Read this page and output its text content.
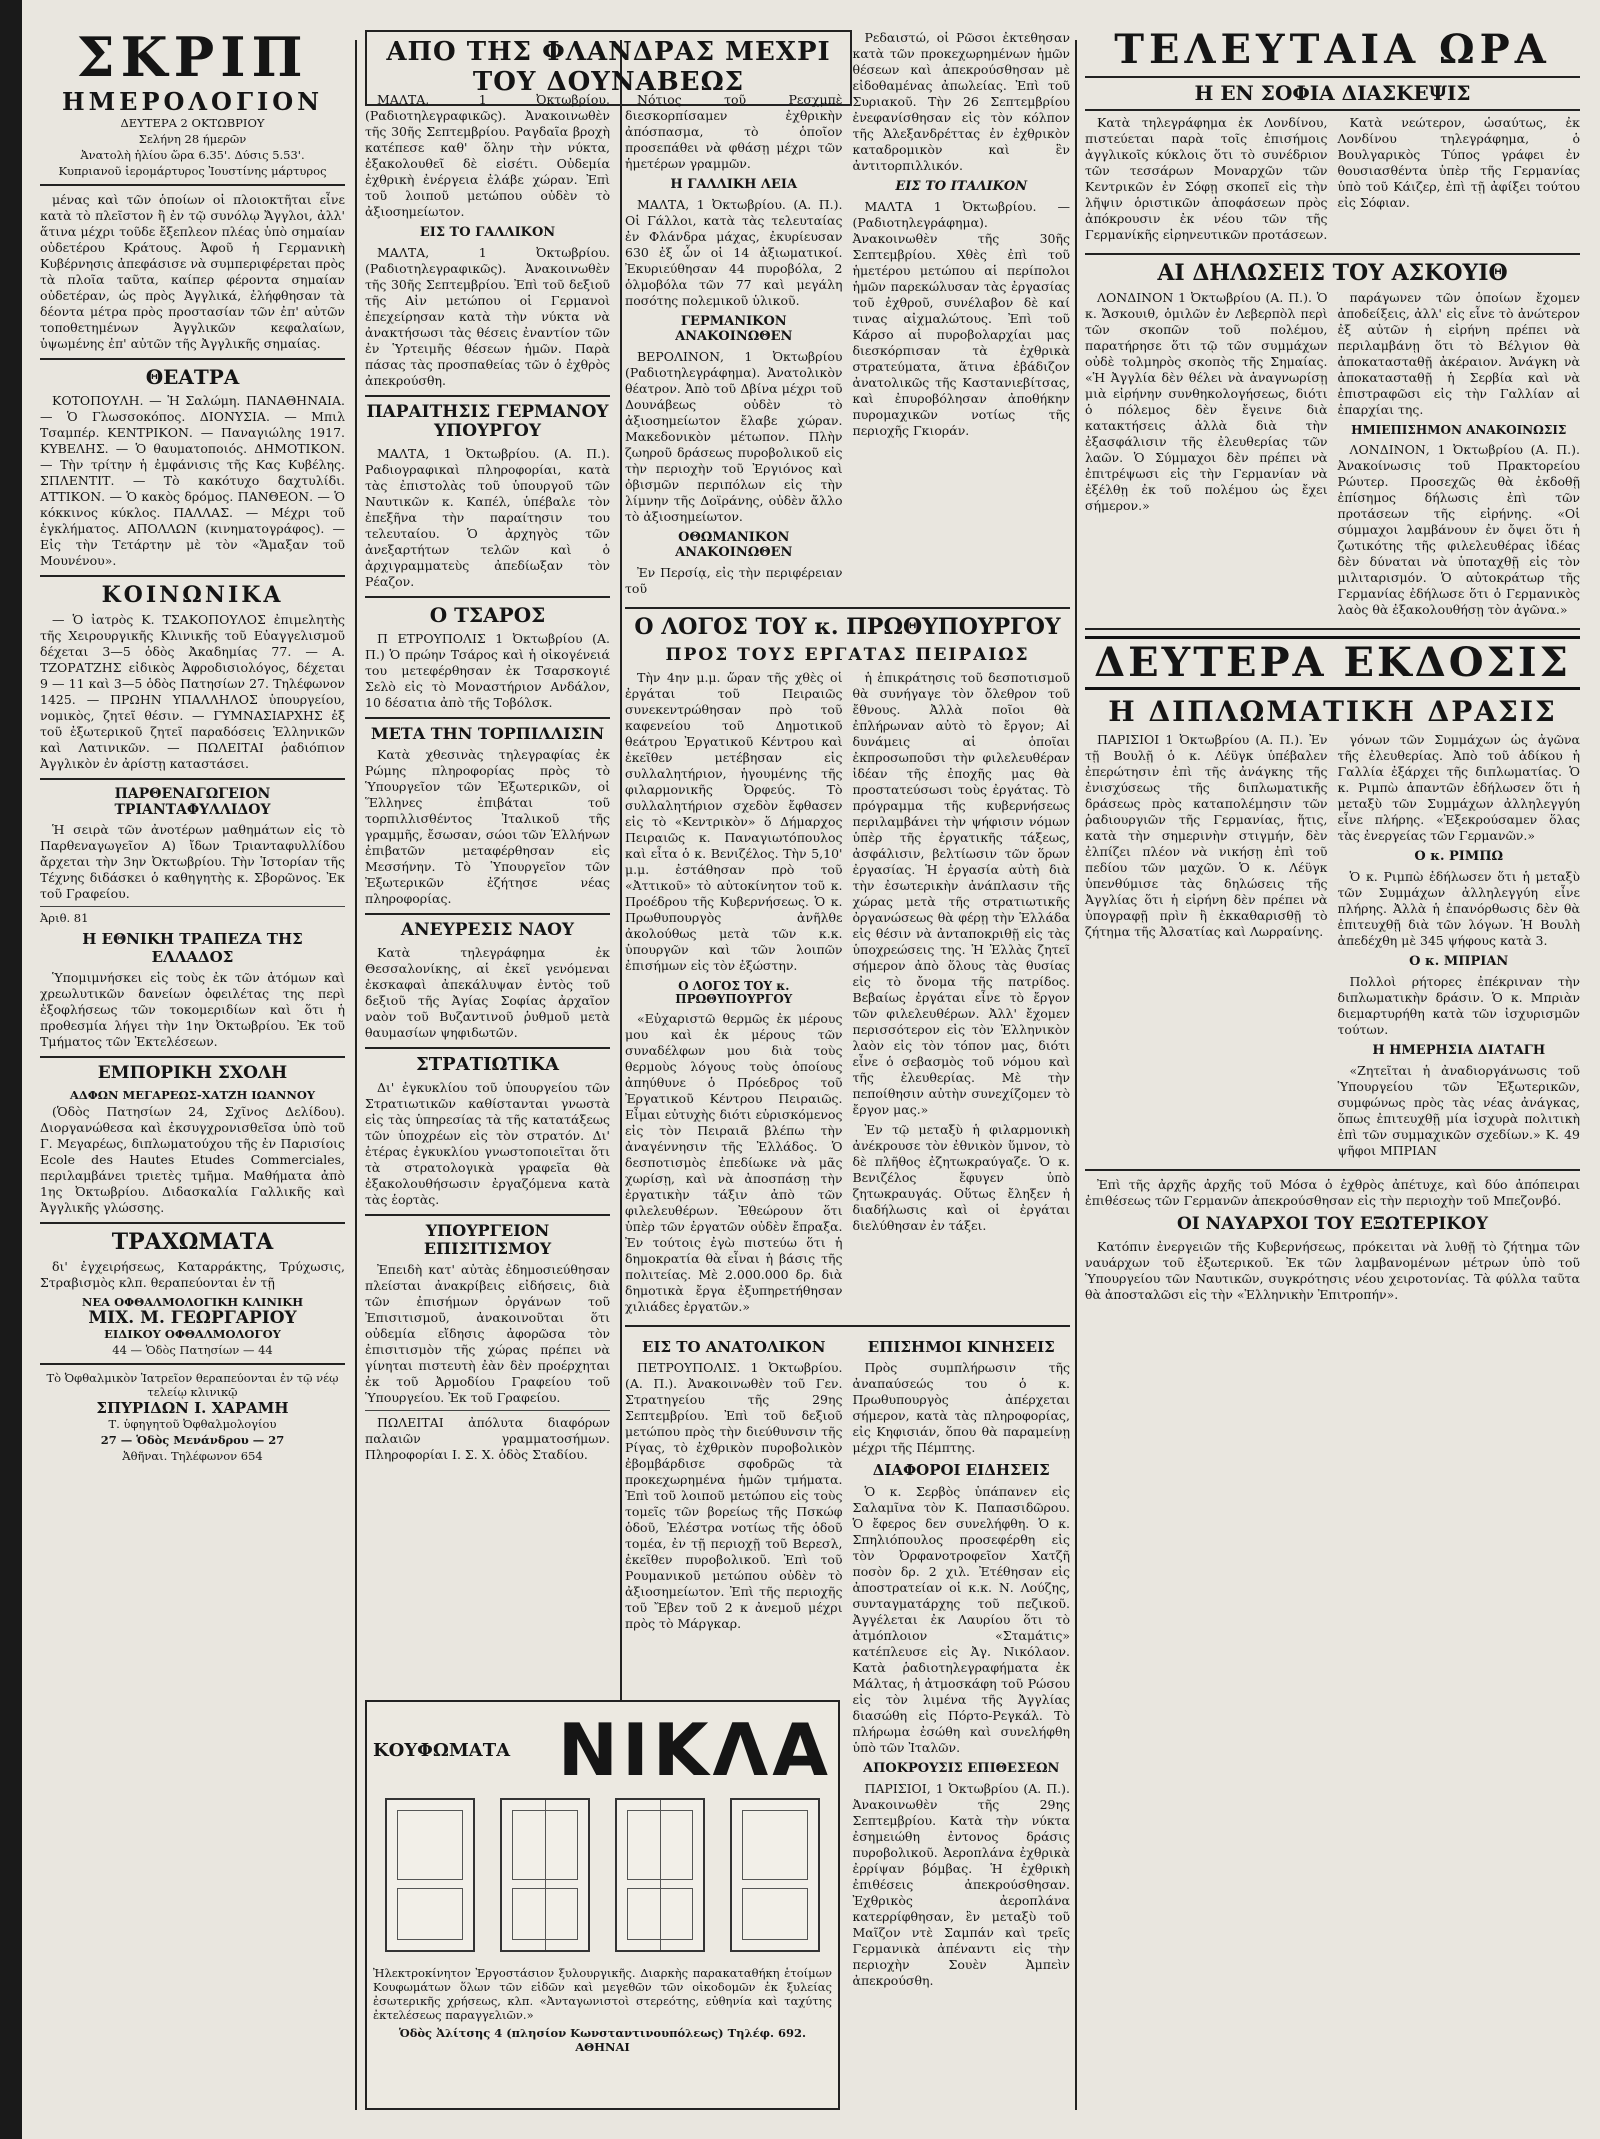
ΣΚΡΙΠ
ΗΜΕΡΟΛΟΓΙΟΝ
ΔΕΥΤΕΡΑ 2 ΟΚΤΩΒΡΙΟΥ
Σελήνη 28 ήμερῶν
Ἀνατολὴ ἡλίου ὥρα 6.35'. Δύσις 5.53'.
Κυπριανοῦ ἱερομάρτυρος Ἰουστίνης μάρτυρος

μένας καὶ τῶν ὁποίων οἱ πλοιοκτῆται εἶνε κατὰ τὸ πλεῖστον ἢ ἐν τῷ συνόλῳ Ἄγγλοι, ἀλλ' ἅτινα μέχρι τοῦδε ἔξεπλεον πλέας ὑπὸ σημαίαν οὐδετέρου Κράτους. Ἀφοῦ ἡ Γερμανικὴ Κυβέρνησις ἀπεφάσισε νὰ συμπεριφέρεται πρὸς τὰ πλοῖα ταῦτα, καίπερ φέροντα σημαίαν οὐδετέραν, ὡς πρὸς Ἀγγλικά, ἐλήφθησαν τὰ δέοντα μέτρα πρὸς προστασίαν τῶν ἐπ' αὐτῶν τοποθετημένων Ἀγγλικῶν κεφαλαίων, ὑψωμένης ἐπ' αὐτῶν τῆς Ἀγγλικῆς σημαίας.

ΘΕΑΤΡΑ

ΚΟΤΟΠΟΥΛΗ. — Ἡ Σαλώμη. ΠΑΝΑΘΗΝΑΙΑ. — Ὁ Γλωσσοκόπος. ΔΙΟΝΥΣΙΑ. — Μπιλ Τσαμπέρ. ΚΕΝΤΡΙΚΟΝ. — Παναγιώλης 1917. ΚΥΒΕΛΗΣ. — Ὁ θαυματοποιός. ΔΗΜΟΤΙΚΟΝ. — Τὴν τρίτην ἡ ἐμφάνισις τῆς Κας Κυβέλης. ΣΠΛΕΝΤΙΤ. — Τὸ κακότυχο δαχτυλίδι. ΑΤΤΙΚΟΝ. — Ὁ κακὸς δρόμος. ΠΑΝΘΕΟΝ. — Ὁ κόκκινος κύκλος. ΠΑΛΛΑΣ. — Μέχρι τοῦ ἐγκλήματος. ΑΠΟΛΛΩΝ (κινηματογράφος). — Εἰς τὴν Τετάρτην μὲ τὸν «Ἄμαξαν τοῦ Μουνένου».

ΚΟΙΝΩΝΙΚΑ

— Ὁ ἰατρὸς Κ. ΤΣΑΚΟΠΟΥΛΟΣ ἐπιμελητὴς τῆς Χειρουργικῆς Κλινικῆς τοῦ Εὐαγγελισμοῦ δέχεται 3—5 ὁδὸς Ἀκαδημίας 77. — Α. ΤΖΟΡΑΤΖΗΣ εἰδικὸς Ἀφροδισιολόγος, δέχεται 9 — 11 καὶ 3—5 ὁδὸς Πατησίων 27. Τηλέφωνον 1425. — ΠΡΩΗΝ ΥΠΑΛΛΗΛΟΣ ὑπουργείου, νομικὸς, ζητεῖ θέσιν. — ΓΥΜΝΑΣΙΑΡΧΗΣ ἐξ τοῦ ἐξωτερικοῦ ζητεῖ παραδόσεις Ἑλληνικῶν καὶ Λατινικῶν. — ΠΩΛΕΙΤΑΙ ῥαδιόπιον Ἀγγλικὸν ἐν ἀρίστῃ καταστάσει.

ΠΑΡΘΕΝΑΓΩΓΕΙΟΝ ΤΡΙΑΝΤΑΦΥΛΛΙΔΟΥ

Ἡ σειρὰ τῶν ἀνοτέρων μαθημάτων εἰς τὸ Παρθεναγωγεῖον Α) ἴδων Τριανταφυλλίδου ἄρχεται τὴν 3ην Ὀκτωβρίου. Τὴν Ἱστορίαν τῆς Τέχνης διδάσκει ὁ καθηγητὴς κ. Σβορῶνος. Ἐκ τοῦ Γραφείου.

Ἀριθ. 81
Η ΕΘΝΙΚΗ ΤΡΑΠΕΖΑ ΤΗΣ ΕΛΛΑΔΟΣ

Ὑπομιμνήσκει εἰς τοὺς ἐκ τῶν ἀτόμων καὶ χρεωλυτικῶν δανείων ὀφειλέτας της περὶ ἐξοφλήσεως τῶν τοκομεριδίων καὶ ὅτι ἡ προθεσμία λήγει τὴν 1ην Ὀκτωβρίου. Ἐκ τοῦ Τμήματος τῶν Ἐκτελέσεων.

ΕΜΠΟΡΙΚΗ ΣΧΟΛΗ
ΑΔΦΩΝ ΜΕΓΑΡΕΩΣ-ΧΑΤΖΗ ΙΩΑΝΝΟΥ

(Ὁδὸς Πατησίων 24, Σχῖνος Δελίδου). Διοργανώθεσα καὶ ἐκσυγχρονισθεῖσα ὑπὸ τοῦ Γ. Μεγαρέως, διπλωματούχου τῆς ἐν Παρισίοις Ecole des Hautes Etudes Commerciales, περιλαμβάνει τριετὲς τμῆμα. Μαθήματα ἀπὸ 1ης Ὀκτωβρίου. Διδασκαλία Γαλλικῆς καὶ Ἀγγλικῆς γλώσσης.

ΤΡΑΧΩΜΑΤΑ

δι' ἐγχειρήσεως, Καταρράκτης, Τρύχωσις, Στραβισμὸς κλπ. θεραπεύονται ἐν τῇ

ΝΕΑ ΟΦΘΑΛΜΟΛΟΓΙΚΗ ΚΛΙΝΙΚΗ
ΜΙΧ. Μ. ΓΕΩΡΓΑΡΙΟΥ
ΕΙΔΙΚΟΥ ΟΦΘΑΛΜΟΛΟΓΟΥ
44 — Ὁδὸς Πατησίων — 44
Τὸ Ὀφθαλμικὸν Ἰατρεῖον θεραπεύονται ἐν τῷ νέῳ τελείῳ κλινικῷ
ΣΠΥΡΙΔΩΝ Ι. ΧΑΡΑΜΗ
Τ. ὑφηγητοῦ Ὀφθαλμολογίου
27 — Ὁδὸς Μενάνδρου — 27
Ἀθῆναι. Τηλέφωνον 654
ΑΠΟ ΤΗΣ ΦΛΑΝΔΡΑΣ ΜΕΧΡΙ ΤΟΥ ΔΟΥΝΑΒΕΩΣ

ΜΑΛΤΑ, 1 Ὀκτωβρίου. (Ραδιοτηλεγραφικῶς). Ἀνακοινωθὲν τῆς 30ῆς Σεπτεμβρίου. Ραγδαῖα βροχὴ κατέπεσε καθ' ὅλην τὴν νύκτα, ἐξακολουθεῖ δὲ εἰσέτι. Οὐδεμία ἐχθρικὴ ἐνέργεια ἐλάβε χώραν. Ἐπὶ τοῦ λοιποῦ μετώπου οὐδὲν τὸ ἀξιοσημείωτον.

ΕΙΣ ΤΟ ΓΑΛΛΙΚΟΝ

ΜΑΛΤΑ, 1 Ὀκτωβρίου. (Ραδιοτηλεγραφικῶς). Ἀνακοινωθὲν τῆς 30ῆς Σεπτεμβρίου. Ἐπὶ τοῦ δεξιοῦ τῆς Αἰν μετώπου οἱ Γερμανοὶ ἐπεχείρησαν κατὰ τὴν νύκτα νὰ ἀνακτήσωσι τὰς θέσεις ἐναντίον τῶν ἐν Ὑρτειμῆς θέσεων ἡμῶν. Παρὰ πάσας τὰς προσπαθείας τῶν ὁ ἐχθρὸς ἀπεκρούσθη.

ΠΑΡΑΙΤΗΣΙΣ ΓΕΡΜΑΝΟΥ ΥΠΟΥΡΓΟΥ

ΜΑΛΤΑ, 1 Ὀκτωβρίου. (Α. Π.). Ραδιογραφικαὶ πληροφορίαι, κατὰ τὰς ἐπιστολὰς τοῦ ὑπουργοῦ τῶν Ναυτικῶν κ. Καπέλ, ὑπέβαλε τὸν ἐπεξῆνα τὴν παραίτησιν του τελευταίου. Ὁ ἀρχηγὸς τῶν ἀνεξαρτήτων τελῶν καὶ ὁ ἀρχιγραμματεὺς ἀπεδίωξαν τὸν Ρέαζον.

Ο ΤΣΑΡΟΣ

Π ΕΤΡΟΥΠΟΛΙΣ 1 Ὀκτωβρίου (Α. Π.) Ὁ πρώην Τσάρος καὶ ἡ οἰκογένειά του μετεφέρθησαν ἐκ Τσαρσκογιέ Σελὸ εἰς τὸ Μοναστήριον Ανδάλον, 10 δέσατια ἀπὸ τῆς Τοβόλσκ.

ΜΕΤΑ ΤΗΝ ΤΟΡΠΙΛΛΙΣΙΝ

Κατὰ χθεσινὰς τηλεγραφίας ἐκ Ρώμης πληροφορίας πρὸς τὸ Ὑπουργεῖον τῶν Ἐξωτερικῶν, οἱ Ἕλληνες ἐπιβάται τοῦ τορπιλλισθέντος Ἰταλικοῦ τῆς γραμμῆς, ἔσωσαν, σώοι τῶν Ἑλλήνων ἐπιβατῶν μεταφέρθησαν εἰς Μεσσήνην. Τὸ Ὑπουργεῖον τῶν Ἐξωτερικῶν ἐζήτησε νέας πληροφορίας.

ΑΝΕΥΡΕΣΙΣ ΝΑΟΥ

Κατὰ τηλεγράφημα ἐκ Θεσσαλονίκης, αἱ ἐκεῖ γενόμεναι ἐκσκαφαὶ ἀπεκάλυψαν ἐντὸς τοῦ δεξιοῦ τῆς Ἀγίας Σοφίας ἀρχαῖον ναὸν τοῦ Βυζαντινοῦ ῥυθμοῦ μετὰ θαυμασίων ψηφιδωτῶν.

ΣΤΡΑΤΙΩΤΙΚΑ

Δι' ἐγκυκλίου τοῦ ὑπουργείου τῶν Στρατιωτικῶν καθίστανται γνωστὰ εἰς τὰς ὑπηρεσίας τὰ τῆς κατατάξεως τῶν ὑποχρέων εἰς τὸν στρατόν. Δι' ἑτέρας ἐγκυκλίου γνωστοποιεῖται ὅτι τὰ στρατολογικὰ γραφεῖα θὰ ἐξακολουθήσωσιν ἐργαζόμενα κατὰ τὰς ἑορτὰς.

ΥΠΟΥΡΓΕΙΟΝ ΕΠΙΣΙΤΙΣΜΟΥ

Ἐπειδὴ κατ' αὐτὰς ἐδημοσιεύθησαν πλείσται ἀνακρίβεις εἰδήσεις, διὰ τῶν ἐπισήμων ὀργάνων τοῦ Ἐπισιτισμοῦ, ἀνακοινοῦται ὅτι οὐδεμία εἴδησις ἀφορῶσα τὸν ἐπισιτισμὸν τῆς χώρας πρέπει νὰ γίνηται πιστευτὴ ἐὰν δὲν προέρχηται ἐκ τοῦ Ἀρμοδίου Γραφείου τοῦ Ὑπουργείου. Ἐκ τοῦ Γραφείου.

ΠΩΛΕΙΤΑΙ ἀπόλυτα διαφόρων παλαιῶν γραμματοσήμων. Πληροφορίαι Ι. Σ. Χ. ὁδὸς Σταδίου.

Νότιος τοῦ Ρεσχμπὲ διεσκορπίσαμεν ἐχθρικὴν ἀπόσπασμα, τὸ ὁποῖον προσεπάθει νὰ φθάσῃ μέχρι τῶν ἡμετέρων γραμμῶν.

Η ΓΑΛΛΙΚΗ ΛΕΙΑ

ΜΑΛΤΑ, 1 Ὀκτωβρίου. (Α. Π.). Οἱ Γάλλοι, κατὰ τὰς τελευταίας ἐν Φλάνδρα μάχας, ἐκυρίευσαν 630 ἐξ ὧν οἱ 14 ἀξιωματικοί. Ἐκυριεύθησαν 44 πυροβόλα, 2 ὁλμοβόλα τῶν 77 καὶ μεγάλη ποσότης πολεμικοῦ ὑλικοῦ.

ΓΕΡΜΑΝΙΚΟΝ ΑΝΑΚΟΙΝΩΘΕΝ

ΒΕΡΟΛΙΝΟΝ, 1 Ὀκτωβρίου (Ραδιοτηλεγράφημα). Ἀνατολικὸν θέατρον. Ἀπὸ τοῦ Δβίνα μέχρι τοῦ Δουνάβεως οὐδὲν τὸ ἀξιοσημείωτον ἔλαβε χώραν. Μακεδονικὸν μέτωπον. Πλὴν ζωηροῦ δράσεως πυροβολικοῦ εἰς τὴν περιοχὴν τοῦ Ἐργιόνος καὶ ὀβισμῶν περιπόλων εἰς τὴν λίμνην τῆς Δοϊράνης, οὐδὲν ἄλλο τὸ ἀξιοσημείωτον.

ΟΘΩΜΑΝΙΚΟΝ ΑΝΑΚΟΙΝΩΘΕΝ

Ἐν Περσίᾳ, εἰς τὴν περιφέρειαν τοῦ

Ρεδαιστώ, οἱ Ρῶσοι ἐκτεθησαν κατὰ τῶν προκεχωρημένων ἡμῶν θέσεων καὶ ἀπεκρούσθησαν μὲ εἰδοθαμένας ἀπωλείας. Ἐπὶ τοῦ Συριακοῦ. Τὴν 26 Σεπτεμβρίου ἐνεφανίσθησαν εἰς τὸν κόλπον τῆς Ἀλεξανδρέττας ἐν ἐχθρικὸν καταδρομικὸν καὶ ἓν ἀντιτορπιλλικόν.

ΕΙΣ ΤΟ ΙΤΑΛΙΚΟΝ

ΜΑΛΤΑ 1 Ὀκτωβρίου. — (Ραδιοτηλεγράφημα). Ἀνακοινωθὲν τῆς 30ῆς Σεπτεμβρίου. Χθὲς ἐπὶ τοῦ ἡμετέρου μετώπου αἱ περίπολοι ἡμῶν παρεκώλυσαν τὰς ἐργασίας τοῦ ἐχθροῦ, συνέλαβον δὲ καί τινας αἰχμαλώτους. Ἐπὶ τοῦ Κάρσο αἱ πυροβολαρχίαι μας διεσκόρπισαν τὰ ἐχθρικὰ στρατεύματα, ἅτινα ἐβάδιζον ἀνατολικῶς τῆς Καστανιεβίτσας, καὶ ἐπυροβόλησαν ἀποθήκην πυρομαχικῶν νοτίως τῆς περιοχῆς Γκιοράν.

Ο ΛΟΓΟΣ ΤΟΥ κ. ΠΡΩΘΥΠΟΥΡΓΟΥ
ΠΡΟΣ ΤΟΥΣ ΕΡΓΑΤΑΣ ΠΕΙΡΑΙΩΣ

Τὴν 4ην μ.μ. ὥραν τῆς χθὲς οἱ ἐργάται τοῦ Πειραιῶς συνεκεντρώθησαν πρὸ τοῦ καφενείου τοῦ Δημοτικοῦ θεάτρου Ἐργατικοῦ Κέντρου καὶ ἐκεῖθεν μετέβησαν εἰς συλλαλητήριον, ἡγουμένης τῆς φιλαρμονικῆς Ὀρφεύς. Τὸ συλλαλητήριον σχεδὸν ἔφθασεν εἰς τὸ «Κεντρικὸν» ὅ Δήμαρχος Πειραιῶς κ. Παναγιωτόπουλος καὶ εἶτα ὁ κ. Βενιζέλος. Τὴν 5,10' μ.μ. ἐστάθησαν πρὸ τοῦ «Ἀττικοῦ» τὸ αὐτοκίνητον τοῦ κ. Προέδρου τῆς Κυβερνήσεως. Ὁ κ. Πρωθυπουργὸς ἀνῆλθε ἀκολούθως μετὰ τῶν κ.κ. ὑπουργῶν καὶ τῶν λοιπῶν ἐπισήμων εἰς τὸν ἐξώστην.

Ο ΛΟΓΟΣ ΤΟΥ κ. ΠΡΩΘΥΠΟΥΡΓΟΥ

«Εὐχαριστῶ θερμῶς ἐκ μέρους μου καὶ ἐκ μέρους τῶν συναδέλφων μου διὰ τοὺς θερμοὺς λόγους τοὺς ὁποίους ἀπηύθυνε ὁ Πρόεδρος τοῦ Ἐργατικοῦ Κέντρου Πειραιῶς. Εἶμαι εὐτυχὴς διότι εὑρισκόμενος εἰς τὸν Πειραιᾶ βλέπω τὴν ἀναγέννησιν τῆς Ἑλλάδος. Ὁ δεσποτισμὸς ἐπεδίωκε νὰ μᾶς χωρίσῃ, καὶ νὰ ἀποσπάσῃ τὴν ἐργατικὴν τάξιν ἀπὸ τῶν φιλελευθέρων. Ἐθεώρουν ὅτι ὑπὲρ τῶν ἐργατῶν οὐδὲν ἔπραξα. Ἐν τούτοις ἐγὼ πιστεύω ὅτι ἡ δημοκρατία θὰ εἶναι ἡ βάσις τῆς πολιτείας. Μὲ 2.000.000 δρ. διὰ δημοτικὰ ἔργα ἐξυπηρετήθησαν χιλιάδες ἐργατῶν.»

ἡ ἐπικράτησις τοῦ δεσποτισμοῦ θὰ συνήγαγε τὸν ὄλεθρον τοῦ ἔθνους. Ἀλλὰ ποῖοι θὰ ἐπλήρωναν αὐτὸ τὸ ἔργον; Αἱ δυνάμεις αἱ ὁποῖαι ἐκπροσωποῦσι τὴν φιλελευθέραν ἰδέαν τῆς ἐποχῆς μας θὰ προστατεύσωσι τοὺς ἐργάτας. Τὸ πρόγραμμα τῆς κυβερνήσεως περιλαμβάνει τὴν ψήφισιν νόμων ὑπὲρ τῆς ἐργατικῆς τάξεως, ἀσφάλισιν, βελτίωσιν τῶν ὅρων ἐργασίας. Ἡ ἐργασία αὐτὴ διὰ τὴν ἐσωτερικὴν ἀνάπλασιν τῆς χώρας μετὰ τῆς στρατιωτικῆς ὀργανώσεως θὰ φέρῃ τὴν Ἑλλάδα εἰς θέσιν νὰ ἀνταποκριθῇ εἰς τὰς ὑποχρεώσεις της. Ἡ Ἑλλὰς ζητεῖ σήμερον ἀπὸ ὅλους τὰς θυσίας εἰς τὸ ὄνομα τῆς πατρίδος. Βεβαίως ἐργάται εἶνε τὸ ἔργον τῶν φιλελευθέρων. Ἀλλ' ἔχομεν περισσότερον εἰς τὸν Ἑλληνικὸν λαὸν εἰς τὸν τόπον μας, διότι εἶνε ὁ σεβασμὸς τοῦ νόμου καὶ τῆς ἐλευθερίας. Μὲ τὴν πεποίθησιν αὐτὴν συνεχίζομεν τὸ ἔργον μας.»

Ἐν τῷ μεταξὺ ἡ φιλαρμονικὴ ἀνέκρουσε τὸν ἐθνικὸν ὕμνον, τὸ δὲ πλῆθος ἐζητωκραύγαζε. Ὁ κ. Βενιζέλος ἔφυγεν ὑπὸ ζητωκραυγάς. Οὕτως ἔληξεν ἡ διαδήλωσις καὶ οἱ ἐργάται διελύθησαν ἐν τάξει.

ΕΙΣ ΤΟ ΑΝΑΤΟΛΙΚΟΝ

ΠΕΤΡΟΥΠΟΛΙΣ. 1 Ὀκτωβρίου. (Α. Π.). Ἀνακοινωθὲν τοῦ Γεν. Στρατηγείου τῆς 29ης Σεπτεμβρίου. Ἐπὶ τοῦ δεξιοῦ μετώπου πρὸς τὴν διεύθυνσιν τῆς Ρίγας, τὸ ἐχθρικὸν πυροβολικὸν ἐβομβάρδισε σφοδρῶς τὰ προκεχωρημένα ἡμῶν τμήματα. Ἐπὶ τοῦ λοιποῦ μετώπου εἰς τοὺς τομεῖς τῶν βορείως τῆς Πσκώφ ὁδοῦ, Ἐλέστρα νοτίως τῆς ὁδοῦ τομέα, ἐν τῇ περιοχῇ τοῦ Βερεσλ, ἐκεῖθεν πυροβολικοῦ. Ἐπὶ τοῦ Ρουμανικοῦ μετώπου οὐδὲν τὸ ἀξιοσημείωτον. Ἐπὶ τῆς περιοχῆς τοῦ Ἔβεν τοῦ 2 κ ἀνεμοῦ μέχρι πρὸς τὸ Μάργκαρ.

ΕΠΙΣΗΜΟΙ ΚΙΝΗΣΕΙΣ

Πρὸς συμπλήρωσιν τῆς ἀναπαύσεώς του ὁ κ. Πρωθυπουργὸς ἀπέρχεται σήμερον, κατὰ τὰς πληροφορίας, εἰς Κηφισιάν, ὅπου θὰ παραμείνῃ μέχρι τῆς Πέμπτης.

ΔΙΑΦΟΡΟΙ ΕΙΔΗΣΕΙΣ

Ὁ κ. Σερβὸς ὑπάπανεν εἰς Σαλαμῖνα τὸν Κ. Παπασιδῶρου. Ὁ ἔφερος δεν συνελήφθη. Ὁ κ. Σπηλιόπουλος προσεφέρθη εἰς τὸν Ὀρφανοτροφεῖον Χατζῆ ποσὸν δρ. 2 χιλ. Ἐτέθησαν εἰς ἀποστρατείαν οἱ κ.κ. Ν. Λούζης, συνταγματάρχης τοῦ πεζικοῦ. Ἀγγέλεται ἐκ Λαυρίου ὅτι τὸ ἀτμόπλοιον «Σταμάτις» κατέπλευσε εἰς Ἀγ. Νικόλαον. Κατὰ ῥαδιοτηλεγραφήματα ἐκ Μάλτας, ἡ ἀτμοσκάφη τοῦ Ρώσου εἰς τὸν λιμένα τῆς Ἀγγλίας διασώθη εἰς Πόρτο-Ρεγκάλ. Τὸ πλήρωμα ἐσώθη καὶ συνελήφθη ὑπὸ τῶν Ἰταλῶν.

ΑΠΟΚΡΟΥΣΙΣ ΕΠΙΘΕΣΕΩΝ

ΠΑΡΙΣΙΟΙ, 1 Ὀκτωβρίου (Α. Π.). Ἀνακοινωθὲν τῆς 29ης Σεπτεμβρίου. Κατὰ τὴν νύκτα ἐσημειώθη ἐντονος δράσις πυροβολικοῦ. Ἀεροπλάνα ἐχθρικὰ ἐρρίψαν βόμβας. Ἡ ἐχθρικὴ ἐπιθέσεις ἀπεκρούσθησαν. Ἐχθρικὸς ἀεροπλάνα κατερρίφθησαν, ἓν μεταξὺ τοῦ Μαῖζον ντὲ Σαμπάν καὶ τρεῖς Γερμανικὰ ἀπέναντι εἰς τὴν περιοχὴν Σουὲν Ἀμπεὶν ἀπεκρούσθη.

ΚΟΥΦΩΜΑΤΑ ΝΙΚΛΑ

Ἠλεκτροκίνητον Ἐργοστάσιον ξυλουργικῆς. Διαρκὴς παρακαταθήκη ἑτοίμων Κουφωμάτων ὅλων τῶν εἰδῶν καὶ μεγεθῶν τῶν οἰκοδομῶν ἐκ ξυλείας ἐσωτερικῆς χρήσεως, κλπ. «Ἀνταγωνιστοὶ στερεότης, εὐθηνία καὶ ταχύτης ἐκτελέσεως παραγγελιῶν.»
Ὁδὸς Ἀλίτσης 4 (πλησίον Κωνσταντινουπόλεως) Τηλέφ. 692. ΑΘΗΝΑΙ
ΤΕΛΕΥΤΑΙΑ ΩΡΑ
Η ΕΝ ΣΟΦΙΑ ΔΙΑΣΚΕΨΙΣ

Κατὰ τηλεγράφημα ἐκ Λονδίνου, πιστεύεται παρὰ τοῖς ἐπισήμοις ἀγγλικοῖς κύκλοις ὅτι τὸ συνέδριον τῶν τεσσάρων Μοναρχῶν τῶν Κεντρικῶν ἐν Σόφῃ σκοπεῖ εἰς τὴν λῆψιν ὁριστικῶν ἀποφάσεων πρὸς ἀπόκρουσιν ἐκ νέου τῶν τῆς Γερμανίκῆς εἰρηνευτικῶν προτάσεων.

Κατὰ νεώτερον, ὡσαύτως, ἐκ Λονδίνου τηλεγράφημα, ὁ Βουλγαρικὸς Τύπος γράφει ἐν θουσιασθέντα ὑπὲρ τῆς Γερμανίας ὑπὸ τοῦ Κάιζερ, ἐπὶ τῇ ἀφίξει τούτου εἰς Σόφιαν.

ΑΙ ΔΗΛΩΣΕΙΣ ΤΟΥ ΑΣΚΟΥΙΘ

ΛΟΝΔΙΝΟΝ 1 Ὀκτωβρίου (Α. Π.). Ὁ κ. Ἄσκουιθ, ὁμιλῶν ἐν Λεβερπὸλ περὶ τῶν σκοπῶν τοῦ πολέμου, παρατήρησε ὅτι τῷ τῶν συμμάχων οὐδὲ τολμηρὸς σκοπὸς τῆς Σημαίας. «Ἡ Ἀγγλία δὲν θέλει νὰ ἀναγνωρίσῃ μιὰ εἰρήνην συνθηκολογήσεως, διότι ὁ πόλεμος δὲν ἔγεινε διὰ κατακτήσεις ἀλλὰ διὰ τὴν ἐξασφάλισιν τῆς ἐλευθερίας τῶν λαῶν. Ὁ Σύμμαχοι δὲν πρέπει νὰ ἐπιτρέψωσι εἰς τὴν Γερμανίαν νὰ ἐξέλθῃ ἐκ τοῦ πολέμου ὡς ἔχει σήμερον.»

παράγωνεν τῶν ὁποίων ἔχομεν ἀποδείξεις, ἀλλ' εἰς εἶνε τὸ ἀνώτερον ἐξ αὐτῶν ἡ εἰρήνη πρέπει νὰ περιλαμβάνῃ ὅτι τὸ Βέλγιον θὰ ἀποκατασταθῇ ἀκέραιον. Ἀνάγκη νὰ ἀποκατασταθῇ ἡ Σερβία καὶ νὰ ἐπιστραφῶσι εἰς τὴν Γαλλίαν αἱ ἐπαρχίαι της.

ΗΜΙΕΠΙΣΗΜΟΝ ΑΝΑΚΟΙΝΩΣΙΣ

ΛΟΝΔΙΝΟΝ, 1 Ὀκτωβρίου (Α. Π.). Ἀνακοίνωσις τοῦ Πρακτορείου Ρώυτερ. Προσεχῶς θὰ ἐκδοθῇ ἐπίσημος δήλωσις ἐπὶ τῶν προτάσεων τῆς εἰρήνης. «Οἱ σύμμαχοι λαμβάνουν ἐν ὄψει ὅτι ἡ ζωτικότης τῆς φιλελευθέρας ἰδέας δὲν δύναται νὰ ὑποταχθῇ εἰς τὸν μιλιταρισμόν. Ὁ αὐτοκράτωρ τῆς Γερμανίας ἐδήλωσε ὅτι ὁ Γερμανικὸς λαὸς θὰ ἐξακολουθήσῃ τὸν ἀγῶνα.»

ΔΕΥΤΕΡΑ ΕΚΔΟΣΙΣ
Η ΔΙΠΛΩΜΑΤΙΚΗ ΔΡΑΣΙΣ

ΠΑΡΙΣΙΟΙ 1 Ὀκτωβρίου (Α. Π.). Ἐν τῇ Βουλῇ ὁ κ. Λέϋγκ ὑπέβαλεν ἐπερώτησιν ἐπὶ τῆς ἀνάγκης τῆς ἐνισχύσεως τῆς διπλωματικῆς δράσεως πρὸς καταπολέμησιν τῶν ῥαδιουργιῶν τῆς Γερμανίας, ἥτις, κατὰ τὴν σημερινὴν στιγμήν, δὲν ἐλπίζει πλέον νὰ νικήσῃ ἐπὶ τοῦ πεδίου τῶν μαχῶν. Ὁ κ. Λέϋγκ ὑπενθύμισε τὰς δηλώσεις τῆς Ἀγγλίας ὅτι ἡ εἰρήνη δὲν πρέπει νὰ ὑπογραφῇ πρὶν ἢ ἐκκαθαρισθῇ τὸ ζήτημα τῆς Ἀλσατίας καὶ Λωρραίνης.

γόνων τῶν Συμμάχων ὡς ἀγῶνα τῆς ἐλευθερίας. Ἀπὸ τοῦ ἀδίκου ἡ Γαλλία ἐξάρχει τῆς διπλωματίας. Ὁ κ. Ριμπὼ ἀπαντῶν ἐδήλωσεν ὅτι ἡ μεταξὺ τῶν Συμμάχων ἀλληλεγγύη εἶνε πλήρης. «Ἐξεκρούσαμεν ὅλας τὰς ἐνεργείας τῶν Γερμανῶν.»

Ο κ. ΡΙΜΠΩ

Ὁ κ. Ριμπὼ ἐδήλωσεν ὅτι ἡ μεταξὺ τῶν Συμμάχων ἀλληλεγγύη εἶνε πλήρης. Ἀλλὰ ἡ ἐπανόρθωσις δὲν θὰ ἐπιτευχθῇ διὰ τῶν λόγων. Ἡ Βουλὴ ἀπεδέχθη μὲ 345 ψήφους κατὰ 3.

Ο κ. ΜΠΡΙΑΝ

Πολλοὶ ρήτορες ἐπέκριναν τὴν διπλωματικὴν δράσιν. Ὁ κ. Μπριὰν διεμαρτυρήθη κατὰ τῶν ἰσχυρισμῶν τούτων.

Η ΗΜΕΡΗΣΙΑ ΔΙΑΤΑΓΗ

«Ζητεῖται ἡ ἀναδιοργάνωσις τοῦ Ὑπουργείου τῶν Ἐξωτερικῶν, συμφώνως πρὸς τὰς νέας ἀνάγκας, ὅπως ἐπιτευχθῇ μία ἰσχυρὰ πολιτικὴ ἐπὶ τῶν συμμαχικῶν σχεδίων.» Κ. 49 ψῆφοι ΜΠΡΙΑΝ

Ἐπὶ τῆς ἀρχῆς ἀρχῆς τοῦ Μόσα ὁ ἐχθρὸς ἀπέτυχε, καὶ δύο ἀπόπειραι ἐπιθέσεως τῶν Γερμανῶν ἀπεκρούσθησαν εἰς τὴν περιοχὴν τοῦ Μπεζονβό.

ΟΙ ΝΑΥΑΡΧΟΙ ΤΟΥ ΕΞΩΤΕΡΙΚΟΥ

Κατόπιν ἐνεργειῶν τῆς Κυβερνήσεως, πρόκειται νὰ λυθῇ τὸ ζήτημα τῶν ναυάρχων τοῦ ἐξωτερικοῦ. Ἐκ τῶν λαμβανομένων μέτρων ὑπὸ τοῦ Ὑπουργείου τῶν Ναυτικῶν, συγκρότησις νέου χειροτονίας. Τὰ φύλλα ταῦτα θὰ ἀποσταλῶσι εἰς τὴν «Ἑλληνικὴν Ἐπιτροπήν».
